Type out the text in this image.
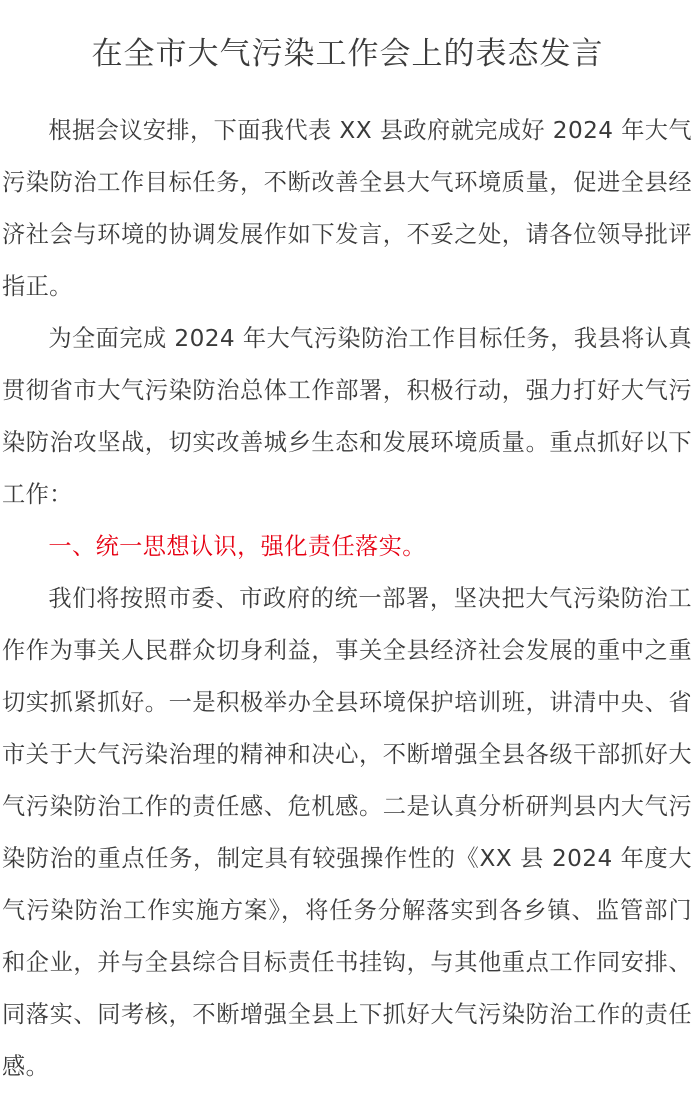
在全市大气污染工作会上的表态发言

根据会议安排，下面我代表 XX 县政府就完成好 2024 年大气污染防治工作目标任务，不断改善全县大气环境质量，促进全县经济社会与环境的协调发展作如下发言，不妥之处，请各位领导批评指正。

为全面完成 2024 年大气污染防治工作目标任务，我县将认真贯彻省市大气污染防治总体工作部署，积极行动，强力打好大气污染防治攻坚战，切实改善城乡生态和发展环境质量。重点抓好以下工作：

一、统一思想认识，强化责任落实。

我们将按照市委、市政府的统一部署，坚决把大气污染防治工作作为事关人民群众切身利益，事关全县经济社会发展的重中之重切实抓紧抓好。一是积极举办全县环境保护培训班，讲清中央、省市关于大气污染治理的精神和决心，不断增强全县各级干部抓好大气污染防治工作的责任感、危机感。二是认真分析研判县内大气污染防治的重点任务，制定具有较强操作性的《XX 县 2024 年度大气污染防治工作实施方案》，将任务分解落实到各乡镇、监管部门和企业，并与全县综合目标责任书挂钩，与其他重点工作同安排、同落实、同考核，不断增强全县上下抓好大气污染防治工作的责任感。
